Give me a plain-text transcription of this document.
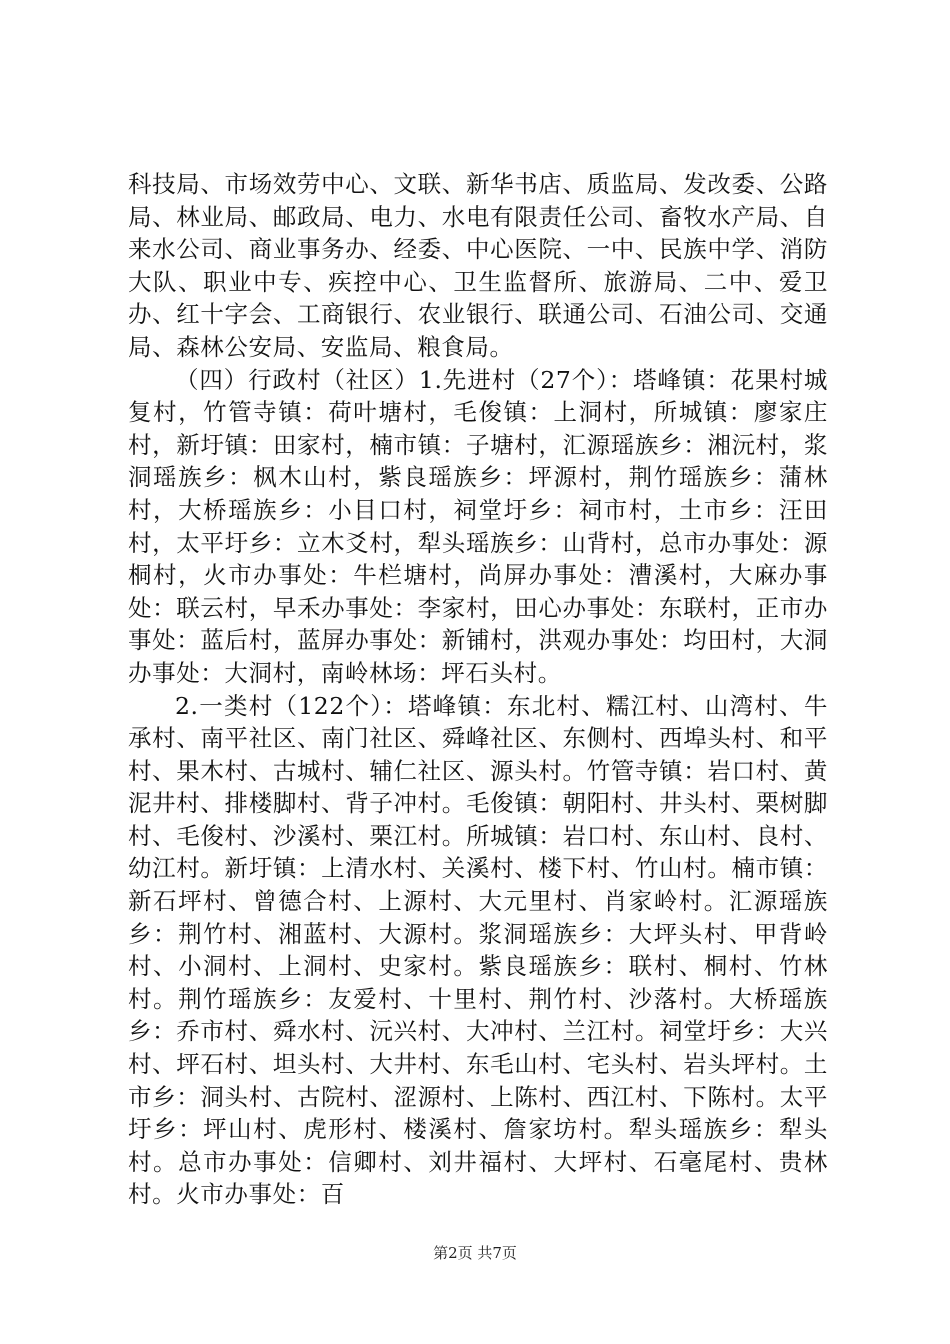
科技局、市场效劳中心、文联、新华书店、质监局、发改委、公路局、林业局、邮政局、电力、水电有限责任公司、畜牧水产局、自来水公司、商业事务办、经委、中心医院、一中、民族中学、消防大队、职业中专、疾控中心、卫生监督所、旅游局、二中、爱卫办、红十字会、工商银行、农业银行、联通公司、石油公司、交通局、森林公安局、安监局、粮食局。

（四）行政村（社区）1.先进村（27个）：塔峰镇：花果村城复村，竹管寺镇：荷叶塘村，毛俊镇：上洞村，所城镇：廖家庄村，新圩镇：田家村，楠市镇：子塘村，汇源瑶族乡：湘沅村，浆洞瑶族乡：枫木山村，紫良瑶族乡：坪源村，荆竹瑶族乡：蒲林村，大桥瑶族乡：小目口村，祠堂圩乡：祠市村，土市乡：汪田村，太平圩乡：立木爻村，犁头瑶族乡：山背村，总市办事处：源桐村，火市办事处：牛栏塘村，尚屏办事处：漕溪村，大麻办事处：联云村，早禾办事处：李家村，田心办事处：东联村，正市办事处：蓝后村，蓝屏办事处：新铺村，洪观办事处：均田村，大洞办事处：大洞村，南岭林场：坪石头村。

2.一类村（122个）：塔峰镇：东北村、糯江村、山湾村、牛承村、南平社区、南门社区、舜峰社区、东侧村、西埠头村、和平村、果木村、古城村、辅仁社区、源头村。竹管寺镇：岩口村、黄泥井村、排楼脚村、背子冲村。毛俊镇：朝阳村、井头村、栗树脚村、毛俊村、沙溪村、栗江村。所城镇：岩口村、东山村、良村、幼江村。新圩镇：上清水村、关溪村、楼下村、竹山村。楠市镇：新石坪村、曾德合村、上源村、大元里村、肖家岭村。汇源瑶族乡：荆竹村、湘蓝村、大源村。浆洞瑶族乡：大坪头村、甲背岭村、小洞村、上洞村、史家村。紫良瑶族乡：联村、桐村、竹林村。荆竹瑶族乡：友爱村、十里村、荆竹村、沙落村。大桥瑶族乡：乔市村、舜水村、沅兴村、大冲村、兰江村。祠堂圩乡：大兴村、坪石村、坦头村、大井村、东毛山村、宅头村、岩头坪村。土市乡：洞头村、古院村、涩源村、上陈村、西江村、下陈村。太平圩乡：坪山村、虎形村、楼溪村、詹家坊村。犁头瑶族乡：犁头村。总市办事处：信卿村、刘井福村、大坪村、石毫尾村、贵林村。火市办事处：百

第2页 共7页
